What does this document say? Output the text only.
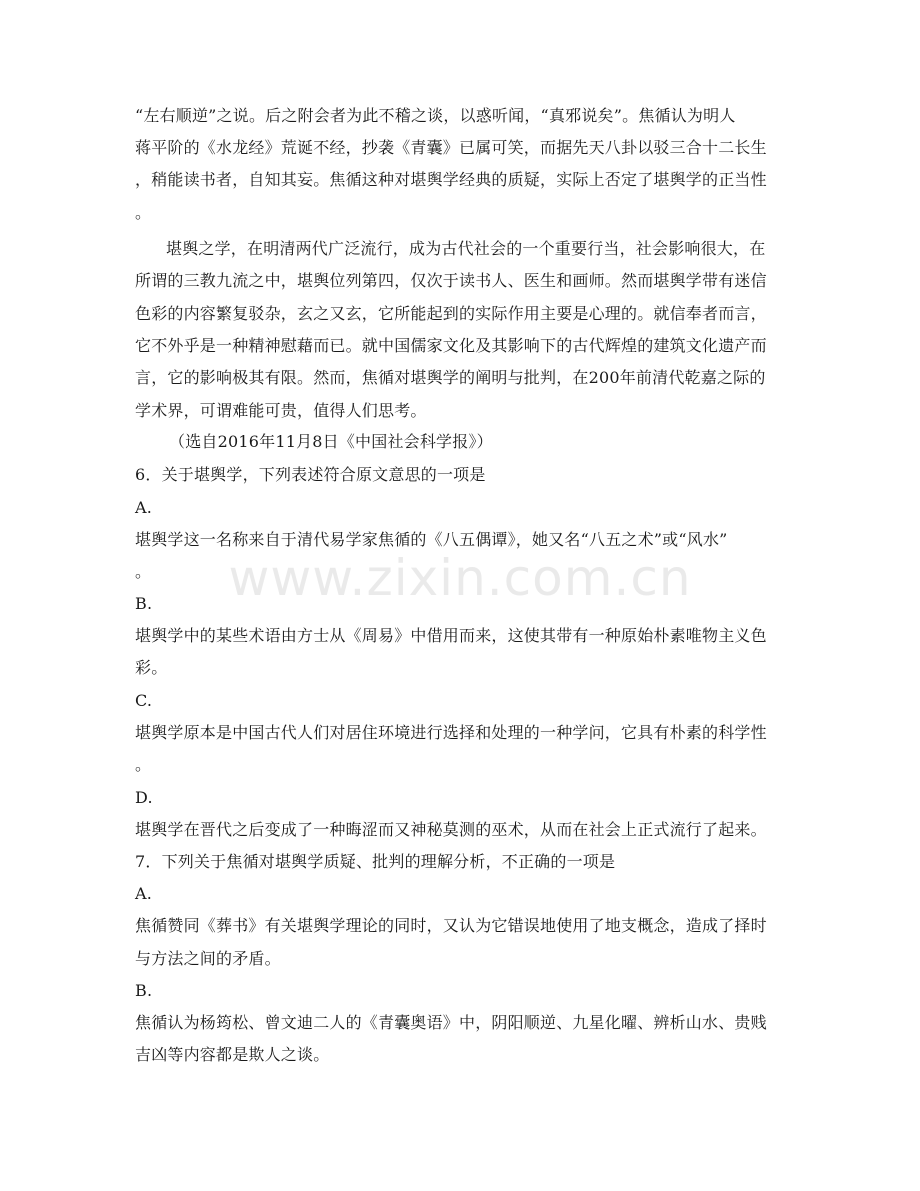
www.zixin.com.cn
“左右顺逆”之说。后之附会者为此不稽之谈，以惑听闻，“真邪说矣”。焦循认为明人
蒋平阶的《水龙经》荒诞不经，抄袭《青囊》已属可笑，而据先天八卦以驳三合十二长生
，稍能读书者，自知其妄。焦循这种对堪舆学经典的质疑，实际上否定了堪舆学的正当性
。
堪舆之学，在明清两代广泛流行，成为古代社会的一个重要行当，社会影响很大，在
所谓的三教九流之中，堪舆位列第四，仅次于读书人、医生和画师。然而堪舆学带有迷信
色彩的内容繁复驳杂，玄之又玄，它所能起到的实际作用主要是心理的。就信奉者而言，
它不外乎是一种精神慰藉而已。就中国儒家文化及其影响下的古代辉煌的建筑文化遗产而
言，它的影响极其有限。然而，焦循对堪舆学的阐明与批判，在200年前清代乾嘉之际的
学术界，可谓难能可贵，值得人们思考。
（选自2016年11月8日《中国社会科学报》）
6．关于堪舆学，下列表述符合原文意思的一项是
A.
堪舆学这一名称来自于清代易学家焦循的《八五偶谭》，她又名“八五之术”或“风水”
。
B.
堪舆学中的某些术语由方士从《周易》中借用而来，这使其带有一种原始朴素唯物主义色
彩。
C.
堪舆学原本是中国古代人们对居住环境进行选择和处理的一种学问，它具有朴素的科学性
。
D.
堪舆学在晋代之后变成了一种晦涩而又神秘莫测的巫术，从而在社会上正式流行了起来。
7．下列关于焦循对堪舆学质疑、批判的理解分析，不正确的一项是
A.
焦循赞同《葬书》有关堪舆学理论的同时，又认为它错误地使用了地支概念，造成了择时
与方法之间的矛盾。
B.
焦循认为杨筠松、曾文迪二人的《青囊奥语》中，阴阳顺逆、九星化曜、辨析山水、贵贱
吉凶等内容都是欺人之谈。
